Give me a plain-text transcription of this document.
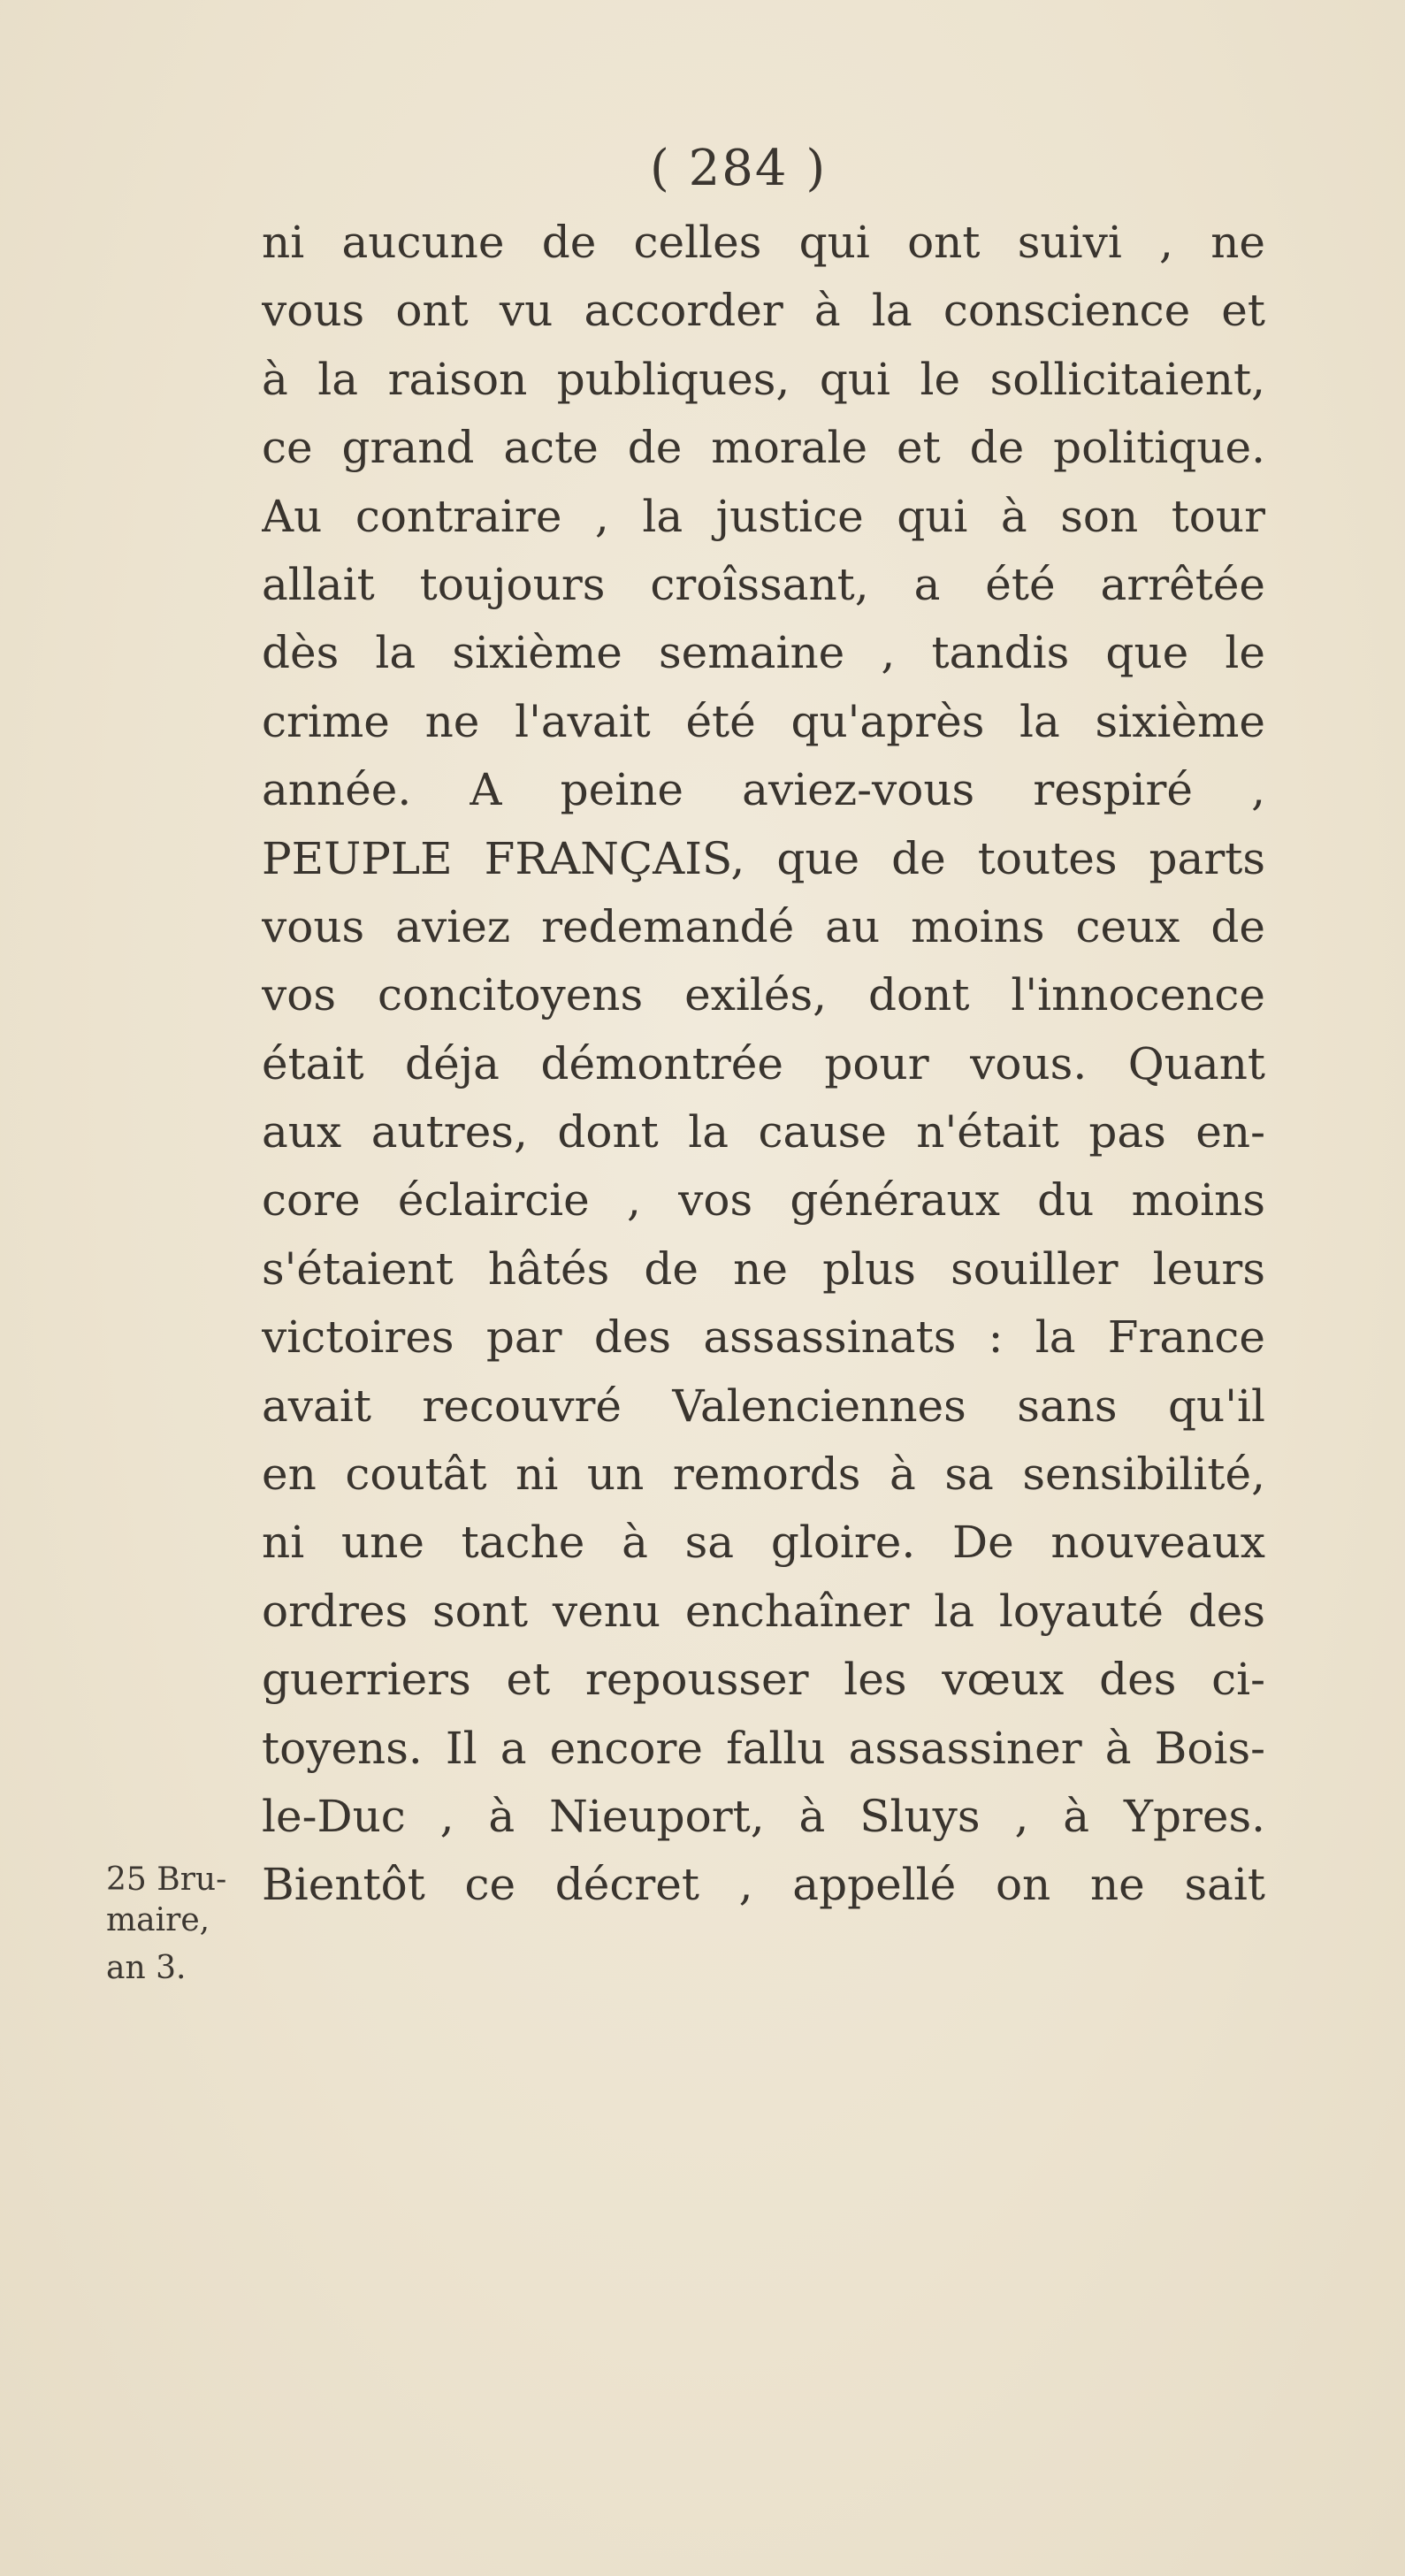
( 284 )
ni aucune de celles qui ont suivi , ne
vous ont vu accorder à la conscience et
à la raison publiques, qui le sollicitaient,
ce grand acte de morale et de politique.
Au contraire , la justice qui à son tour
allait toujours croîssant, a été arrêtée
dès la sixième semaine , tandis que le
crime ne l'avait été qu'après la sixième
année. A peine aviez-vous respiré ,
PEUPLE FRANÇAIS, que de toutes parts
vous aviez redemandé au moins ceux de
vos concitoyens exilés, dont l'innocence
était déja démontrée pour vous. Quant
aux autres, dont la cause n'était pas en-
core éclaircie , vos généraux du moins
s'étaient hâtés de ne plus souiller leurs
victoires par des assassinats : la France
avait recouvré Valenciennes sans qu'il
en coutât ni un remords à sa sensibilité,
ni une tache à sa gloire. De nouveaux
ordres sont venu enchaîner la loyauté des
guerriers et repousser les vœux des ci-
toyens. Il a encore fallu assassiner à Bois-
le-Duc , à Nieuport, à Sluys , à Ypres.
Bientôt ce décret , appellé on ne sait
25 Bru-
maire,
an 3.
